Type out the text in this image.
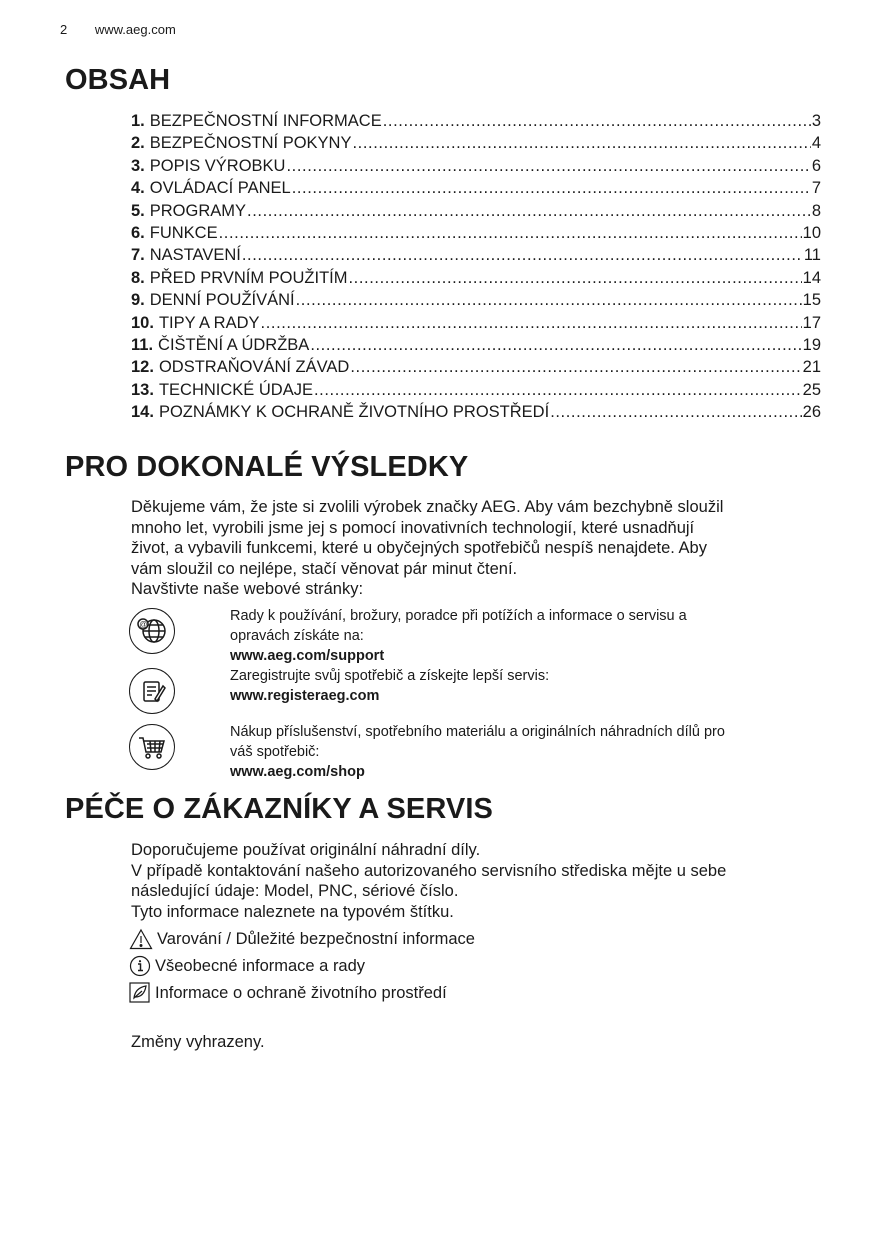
2 www.aeg.com
OBSAH
1. BEZPEČNOSTNÍ INFORMACE .....	3
2. BEZPEČNOSTNÍ POKYNY .....	4
3. POPIS VÝROBKU .....	6
4. OVLÁDACÍ PANEL .....	7
5. PROGRAMY .....	8
6. FUNKCE .....	10
7. NASTAVENÍ .....	11
8. PŘED PRVNÍM POUŽITÍM .....	14
9. DENNÍ POUŽÍVÁNÍ .....	15
10. TIPY A RADY .....	17
11. ČIŠTĚNÍ A ÚDRŽBA .....	19
12. ODSTRAŇOVÁNÍ ZÁVAD .....	21
13. TECHNICKÉ ÚDAJE .....	25
14. POZNÁMKY K OCHRANĚ ŽIVOTNÍHO PROSTŘEDÍ .....	26
PRO DOKONALÉ VÝSLEDKY
Děkujeme vám, že jste si zvolili výrobek značky AEG. Aby vám bezchybně sloužil
mnoho let, vyrobili jsme jej s pomocí inovativních technologií, které usnadňují
život, a vybavili funkcemi, které u obyčejných spotřebičů nespíš nenajdete. Aby
vám sloužil co nejlépe, stačí věnovat pár minut čtení.
Navštivte naše webové stránky:
@
Rady k používání, brožury, poradce při potížích a informace o servisu a
opravách získáte na:
www.aeg.com/support
Zaregistrujte svůj spotřebič a získejte lepší servis:
www.registeraeg.com
Nákup příslušenství, spotřebního materiálu a originálních náhradních dílů pro
váš spotřebič:
www.aeg.com/shop
PÉČE O ZÁKAZNÍKY A SERVIS
Doporučujeme používat originální náhradní díly.
V případě kontaktování našeho autorizovaného servisního střediska mějte u sebe
následující údaje: Model, PNC, sériové číslo.
Tyto informace naleznete na typovém štítku.
Varování / Důležité bezpečnostní informace
Všeobecné informace a rady
Informace o ochraně životního prostředí
Změny vyhrazeny.
